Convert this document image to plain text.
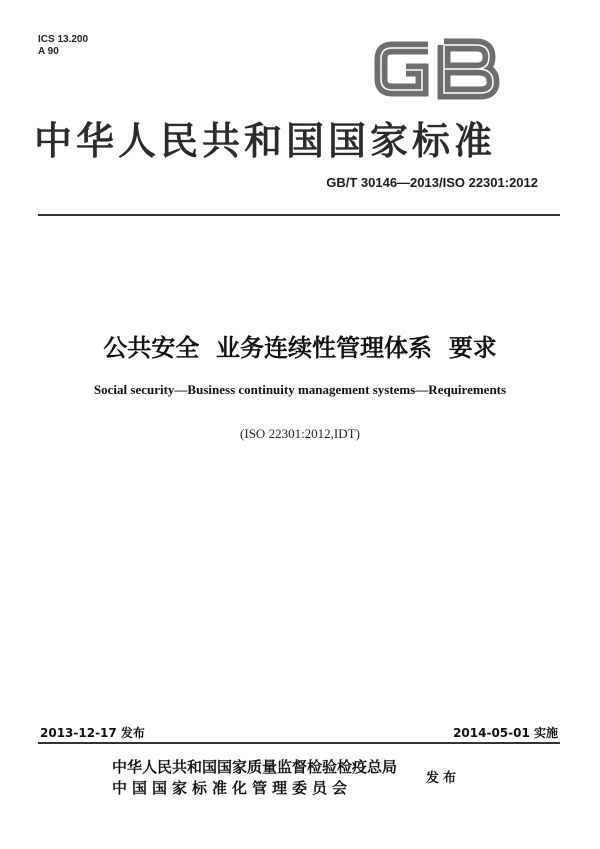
ICS 13.200
A 90
中华人民共和国国家标准
GB/T 30146—2013/ISO 22301:2012
公共安全  业务连续性管理体系  要求
Social security—Business continuity management systems—Requirements
(ISO 22301:2012,IDT)
2013-12-17 发布	2014-05-01 实施
中华人民共和国国家质量监督检验检疫总局
中国国家标准化管理委员会
发布
